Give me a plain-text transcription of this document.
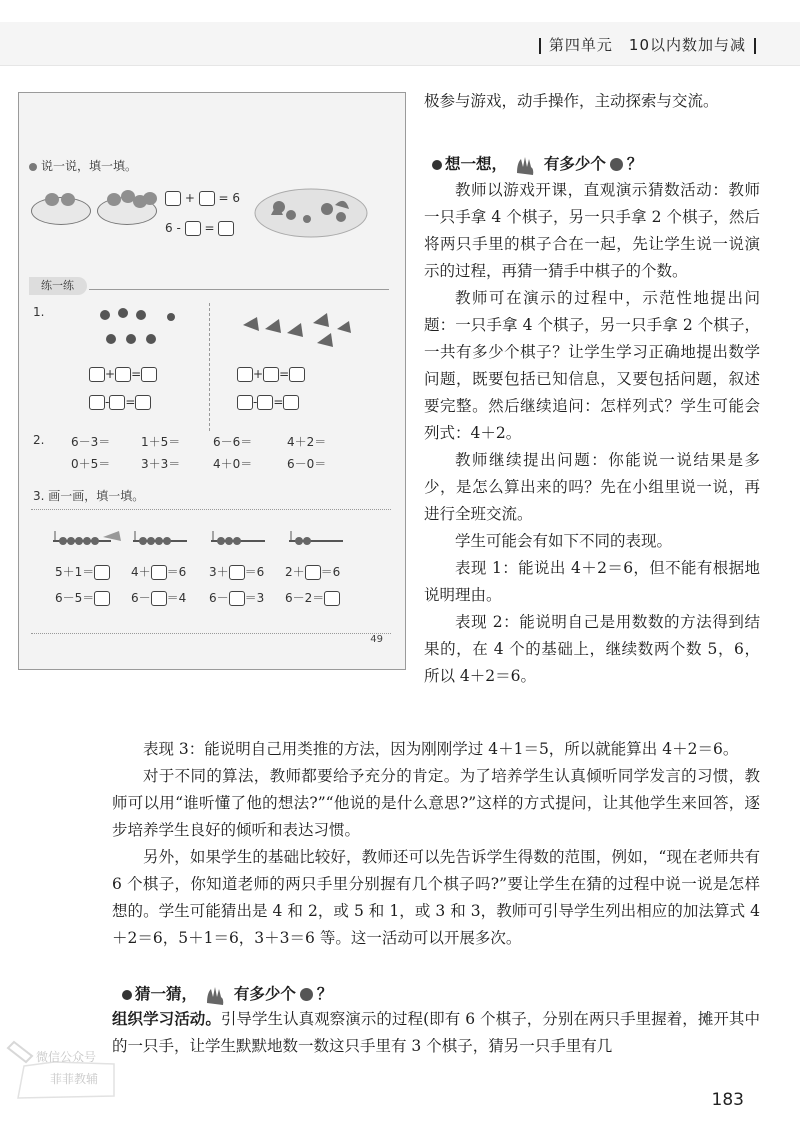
第四单元　10以内数加与减
说一说，填一填。
+ = 6
6 - =
练一练
1.
+ =
- =
+ =
- =
2. 6－3＝	1＋5＝	6－6＝	4＋2＝
0＋5＝	3＋3＝	4＋0＝	6－0＝
3. 画一画，填一填。
5＋1＝	4＋ ＝6 3＋ ＝6 2＋ ＝6
6－5＝	6－ ＝4 6－ ＝3 6－2＝
49

极参与游戏，动手操作，主动探索与交流。

想一想， 有多少个 ？

教师以游戏开课，直观演示猜数活动：教师一只手拿 4 个棋子，另一只手拿 2 个棋子，然后将两只手里的棋子合在一起，先让学生说一说演示的过程，再猜一猜手中棋子的个数。

教师可在演示的过程中，示范性地提出问题：一只手拿 4 个棋子，另一只手拿 2 个棋子，一共有多少个棋子？让学生学习正确地提出数学问题，既要包括已知信息，又要包括问题，叙述要完整。然后继续追问：怎样列式？学生可能会列式：4＋2。

教师继续提出问题：你能说一说结果是多少，是怎么算出来的吗？先在小组里说一说，再进行全班交流。

学生可能会有如下不同的表现。

表现 1：能说出 4＋2＝6，但不能有根据地说明理由。

表现 2：能说明自己是用数数的方法得到结果的，在 4 个的基础上，继续数两个数 5，6，所以 4＋2＝6。

表现 3：能说明自己用类推的方法，因为刚刚学过 4＋1＝5，所以就能算出 4＋2＝6。

对于不同的算法，教师都要给予充分的肯定。为了培养学生认真倾听同学发言的习惯，教师可以用“谁听懂了他的想法?”“他说的是什么意思?”这样的方式提问，让其他学生来回答，逐步培养学生良好的倾听和表达习惯。

另外，如果学生的基础比较好，教师还可以先告诉学生得数的范围，例如，“现在老师共有 6 个棋子，你知道老师的两只手里分别握有几个棋子吗?”要让学生在猜的过程中说一说是怎样想的。学生可能猜出是 4 和 2，或 5 和 1，或 3 和 3，教师可引导学生列出相应的加法算式 4＋2＝6，5＋1＝6，3＋3＝6 等。这一活动可以开展多次。

猜一猜， 有多少个 ？

组织学习活动。引导学生认真观察演示的过程(即有 6 个棋子，分别在两只手里握着，摊开其中的一只手，让学生默默地数一数这只手里有 3 个棋子，猜另一只手里有几

微信公众号
菲菲教辅
183
